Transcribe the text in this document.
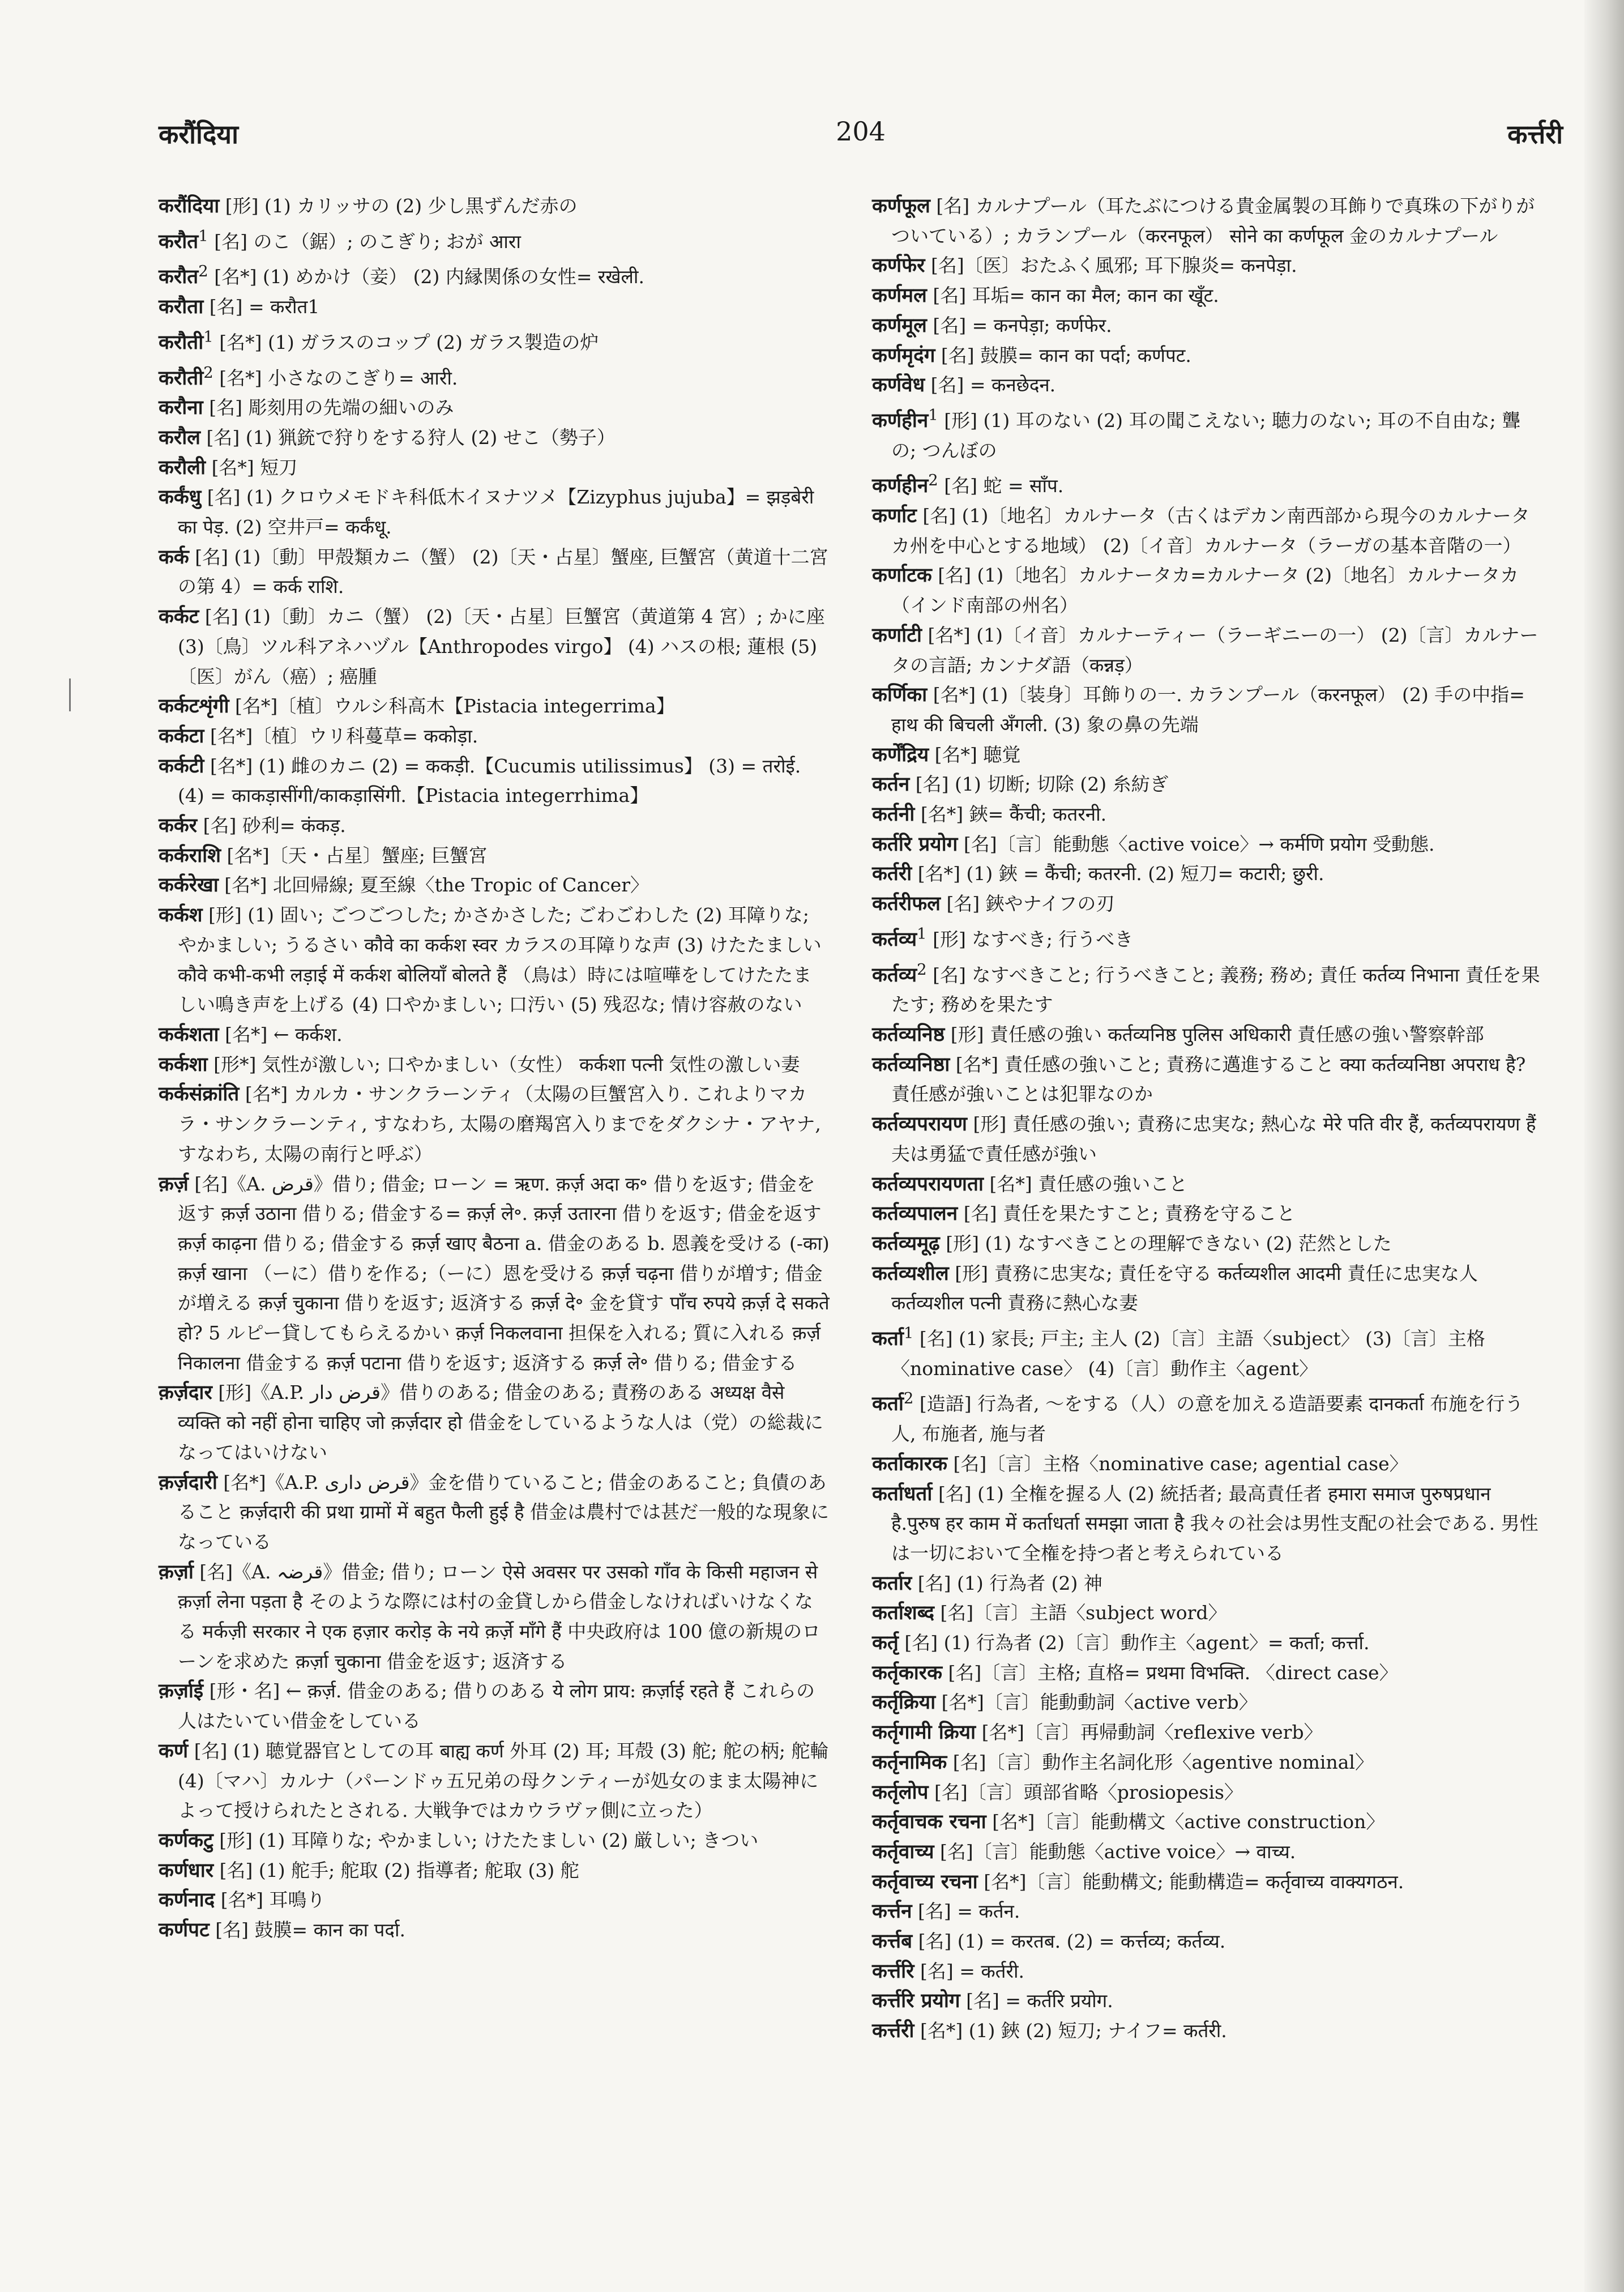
करौंदिया	204	कर्त्तरी

करौंदिया [形] (1) カリッサの (2) 少し黒ずんだ赤の

करौत$^1$ [名] のこ（鋸）; のこぎり; おが आरा

करौत$^2$ [名*] (1) めかけ（妾） (2) 内縁関係の女性= रखेली.

करौता [名] = करौत1

करौती$^1$ [名*] (1) ガラスのコップ (2) ガラス製造の炉

करौती$^2$ [名*] 小さなのこぎり= आरी.

करौना [名] 彫刻用の先端の細いのみ

करौल [名] (1) 猟銃で狩りをする狩人 (2) せこ（勢子）

करौली [名*] 短刀

कर्कंधु [名] (1) クロウメモドキ科低木イヌナツメ【Zizyphus jujuba】= झड़बेरी का पेड़. (2) 空井戸= कर्कंधू.

कर्क [名] (1)〔動〕甲殻類カニ（蟹） (2)〔天・占星〕蟹座, 巨蟹宮（黄道十二宮の第 4）= कर्क राशि.

कर्कट [名] (1)〔動〕カニ（蟹） (2)〔天・占星〕巨蟹宮（黄道第 4 宮）; かに座 (3)〔鳥〕ツル科アネハヅル【Anthropodes virgo】 (4) ハスの根; 蓮根 (5)〔医〕がん（癌）; 癌腫

कर्कटशृंगी [名*]〔植〕ウルシ科高木【Pistacia integerrima】

कर्कटा [名*]〔植〕ウリ科蔓草= ककोड़ा.

कर्कटी [名*] (1) 雌のカニ (2) = ककड़ी.【Cucumis utilissimus】 (3) = तरोई. (4) = काकड़ासींगी/काकड़ासिंगी.【Pistacia integerrhima】

कर्कर [名] 砂利= कंकड़.

कर्कराशि [名*]〔天・占星〕蟹座; 巨蟹宮

कर्करेखा [名*] 北回帰線; 夏至線〈the Tropic of Cancer〉

कर्कश [形] (1) 固い; ごつごつした; かさかさした; ごわごわした (2) 耳障りな; やかましい; うるさい कौवे का कर्कश स्वर カラスの耳障りな声 (3) けたたましい कौवे कभी-कभी लड़ाई में कर्कश बोलियाँ बोलते हैं （鳥は）時には喧嘩をしてけたたましい鳴き声を上げる (4) 口やかましい; 口汚い (5) 残忍な; 情け容赦のない

कर्कशता [名*] ← कर्कश.

कर्कशा [形*] 気性が激しい; 口やかましい（女性） कर्कशा पत्नी 気性の激しい妻

कर्कसंक्रांति [名*] カルカ・サンクラーンティ（太陽の巨蟹宮入り. これよりマカラ・サンクラーンティ, すなわち, 太陽の磨羯宮入りまでをダクシナ・アヤナ, すなわち, 太陽の南行と呼ぶ）

क़र्ज़ [名]《A. قرض》借り; 借金; ローン = ऋण. क़र्ज़ अदा क॰ 借りを返す; 借金を返す क़र्ज़ उठाना 借りる; 借金する= क़र्ज़ ले॰. क़र्ज़ उतारना 借りを返す; 借金を返す क़र्ज़ काढ़ना 借りる; 借金する क़र्ज़ खाए बैठना a. 借金のある b. 恩義を受ける (-का) क़र्ज़ खाना （ーに）借りを作る;（ーに）恩を受ける क़र्ज़ चढ़ना 借りが増す; 借金が増える क़र्ज़ चुकाना 借りを返す; 返済する क़र्ज़ दे॰ 金を貸す पाँच रुपये क़र्ज़ दे सकते हो? 5 ルピー貸してもらえるかい क़र्ज़ निकलवाना 担保を入れる; 質に入れる क़र्ज़ निकालना 借金する क़र्ज़ पटाना 借りを返す; 返済する क़र्ज़ ले॰ 借りる; 借金する

क़र्ज़दार [形]《A.P. قرض دار》借りのある; 借金のある; 責務のある अध्यक्ष वैसे व्यक्ति को नहीं होना चाहिए जो क़र्ज़दार हो 借金をしているような人は（党）の総裁になってはいけない

क़र्ज़दारी [名*]《A.P. قرض داری》金を借りていること; 借金のあること; 負債のあること क़र्ज़दारी की प्रथा ग्रामों में बहुत फैली हुई है 借金は農村では甚だ一般的な現象になっている

क़र्ज़ा [名]《A. قرضہ》借金; 借り; ローン ऐसे अवसर पर उसको गाँव के किसी महाजन से क़र्ज़ा लेना पड़ता है そのような際には村の金貸しから借金しなければいけなくなる मर्कज़ी सरकार ने एक हज़ार करोड़ के नये क़र्ज़े माँगे हैं 中央政府は 100 億の新規のローンを求めた क़र्ज़ा चुकाना 借金を返す; 返済する

क़र्ज़ाई [形・名] ← क़र्ज़. 借金のある; 借りのある ये लोग प्राय: क़र्ज़ाई रहते हैं これらの人はたいてい借金をしている

कर्ण [名] (1) 聴覚器官としての耳 बाह्य कर्ण 外耳 (2) 耳; 耳殻 (3) 舵; 舵の柄; 舵輪 (4)〔マハ〕カルナ（パーンドゥ五兄弟の母クンティーが処女のまま太陽神によって授けられたとされる. 大戦争ではカウラヴァ側に立った）

कर्णकटु [形] (1) 耳障りな; やかましい; けたたましい (2) 厳しい; きつい

कर्णधार [名] (1) 舵手; 舵取 (2) 指導者; 舵取 (3) 舵

कर्णनाद [名*] 耳鳴り

कर्णपट [名] 鼓膜= कान का पर्दा.

कर्णफूल [名] カルナプール（耳たぶにつける貴金属製の耳飾りで真珠の下がりがついている）; カランプール（करनफूल） सोने का कर्णफूल 金のカルナプール

कर्णफेर [名]〔医〕おたふく風邪; 耳下腺炎= कनपेड़ा.

कर्णमल [名] 耳垢= कान का मैल; कान का खूँट.

कर्णमूल [名] = कनपेड़ा; कर्णफेर.

कर्णमृदंग [名] 鼓膜= कान का पर्दा; कर्णपट.

कर्णवेध [名] = कनछेदन.

कर्णहीन$^1$ [形] (1) 耳のない (2) 耳の聞こえない; 聴力のない; 耳の不自由な; 聾の; つんぼの

कर्णहीन$^2$ [名] 蛇 = साँप.

कर्णाट [名] (1)〔地名〕カルナータ（古くはデカン南西部から現今のカルナータカ州を中心とする地域） (2)〔イ音〕カルナータ（ラーガの基本音階の一）

कर्णाटक [名] (1)〔地名〕カルナータカ=カルナータ (2)〔地名〕カルナータカ（インド南部の州名）

कर्णाटी [名*] (1)〔イ音〕カルナーティー（ラーギニーの一） (2)〔言〕カルナータの言語; カンナダ語（कन्नड़）

कर्णिका [名*] (1)〔装身〕耳飾りの一. カランプール（करनफूल） (2) 手の中指= हाथ की बिचली अँगली. (3) 象の鼻の先端

कर्णेंद्रिय [名*] 聴覚

कर्तन [名] (1) 切断; 切除 (2) 糸紡ぎ

कर्तनी [名*] 鋏= कैंची; कतरनी.

कर्तरि प्रयोग [名]〔言〕能動態〈active voice〉→ कर्मणि प्रयोग 受動態.

कर्तरी [名*] (1) 鋏 = कैंची; कतरनी. (2) 短刀= कटारी; छुरी.

कर्तरीफल [名] 鋏やナイフの刃

कर्तव्य$^1$ [形] なすべき; 行うべき

कर्तव्य$^2$ [名] なすべきこと; 行うべきこと; 義務; 務め; 責任 कर्तव्य निभाना 責任を果たす; 務めを果たす

कर्तव्यनिष्ठ [形] 責任感の強い कर्तव्यनिष्ठ पुलिस अधिकारी 責任感の強い警察幹部

कर्तव्यनिष्ठा [名*] 責任感の強いこと; 責務に邁進すること क्या कर्तव्यनिष्ठा अपराध है? 責任感が強いことは犯罪なのか

कर्तव्यपरायण [形] 責任感の強い; 責務に忠実な; 熱心な मेरे पति वीर हैं, कर्तव्यपरायण हैं 夫は勇猛で責任感が強い

कर्तव्यपरायणता [名*] 責任感の強いこと

कर्तव्यपालन [名] 責任を果たすこと; 責務を守ること

कर्तव्यमूढ़ [形] (1) なすべきことの理解できない (2) 茫然とした

कर्तव्यशील [形] 責務に忠実な; 責任を守る कर्तव्यशील आदमी 責任に忠実な人 कर्तव्यशील पत्नी 責務に熱心な妻

कर्ता$^1$ [名] (1) 家長; 戸主; 主人 (2)〔言〕主語〈subject〉 (3)〔言〕主格〈nominative case〉 (4)〔言〕動作主〈agent〉

कर्ता$^2$ [造語] 行為者, ～をする（人）の意を加える造語要素 दानकर्ता 布施を行う人, 布施者, 施与者

कर्ताकारक [名]〔言〕主格〈nominative case; agential case〉

कर्ताधर्ता [名] (1) 全権を握る人 (2) 統括者; 最高責任者 हमारा समाज पुरुषप्रधान है.पुरुष हर काम में कर्ताधर्ता समझा जाता है 我々の社会は男性支配の社会である. 男性は一切において全権を持つ者と考えられている

कर्तार [名] (1) 行為者 (2) 神

कर्ताशब्द [名]〔言〕主語〈subject word〉

कर्तृ [名] (1) 行為者 (2)〔言〕動作主〈agent〉= कर्ता; कर्त्ता.

कर्तृकारक [名]〔言〕主格; 直格= प्रथमा विभक्ति. 〈direct case〉

कर्तृक्रिया [名*]〔言〕能動動詞〈active verb〉

कर्तृगामी क्रिया [名*]〔言〕再帰動詞〈reflexive verb〉

कर्तृनामिक [名]〔言〕動作主名詞化形〈agentive nominal〉

कर्तृलोप [名]〔言〕頭部省略〈prosiopesis〉

कर्तृवाचक रचना [名*]〔言〕能動構文〈active construction〉

कर्तृवाच्य [名]〔言〕能動態〈active voice〉→ वाच्य.

कर्तृवाच्य रचना [名*]〔言〕能動構文; 能動構造= कर्तृवाच्य वाक्यगठन.

कर्त्तन [名] = कर्तन.

कर्त्तब [名] (1) = करतब. (2) = कर्त्तव्य; कर्तव्य.

कर्त्तरि [名] = कर्तरी.

कर्त्तरि प्रयोग [名] = कर्तरि प्रयोग.

कर्त्तरी [名*] (1) 鋏 (2) 短刀; ナイフ= कर्तरी.
